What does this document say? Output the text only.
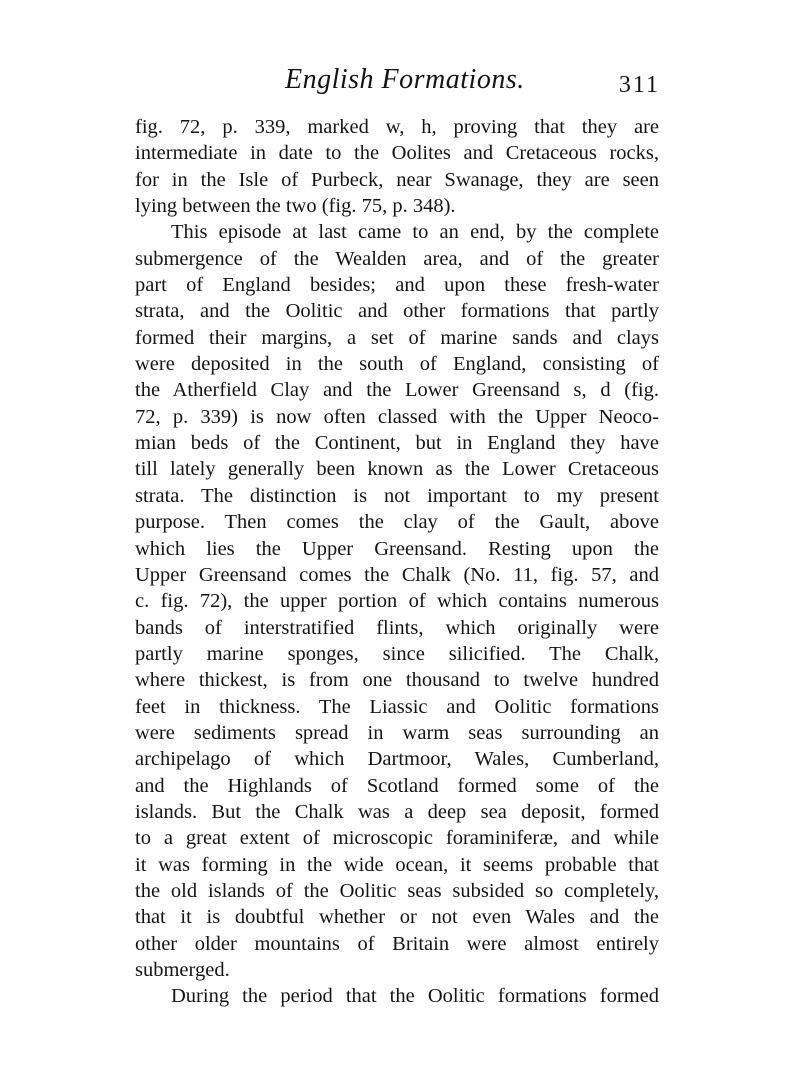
English Formations.	311
fig. 72, p. 339, marked w, h, proving that they are
intermediate in date to the Oolites and Cretaceous rocks,
for in the Isle of Purbeck, near Swanage, they are seen
lying between the two (fig. 75, p. 348).
This episode at last came to an end, by the complete
submergence of the Wealden area, and of the greater
part of England besides; and upon these fresh-water
strata, and the Oolitic and other formations that partly
formed their margins, a set of marine sands and clays
were deposited in the south of England, consisting of
the Atherfield Clay and the Lower Greensand s, d (fig.
72, p. 339) is now often classed with the Upper Neoco-
mian beds of the Continent, but in England they have
till lately generally been known as the Lower Cretaceous
strata. The distinction is not important to my present
purpose. Then comes the clay of the Gault, above
which lies the Upper Greensand. Resting upon the
Upper Greensand comes the Chalk (No. 11, fig. 57, and
c. fig. 72), the upper portion of which contains numerous
bands of interstratified flints, which originally were
partly marine sponges, since silicified. The Chalk,
where thickest, is from one thousand to twelve hundred
feet in thickness. The Liassic and Oolitic formations
were sediments spread in warm seas surrounding an
archipelago of which Dartmoor, Wales, Cumberland,
and the Highlands of Scotland formed some of the
islands. But the Chalk was a deep sea deposit, formed
to a great extent of microscopic foraminiferæ, and while
it was forming in the wide ocean, it seems probable that
the old islands of the Oolitic seas subsided so completely,
that it is doubtful whether or not even Wales and the
other older mountains of Britain were almost entirely
submerged.
During the period that the Oolitic formations formed
